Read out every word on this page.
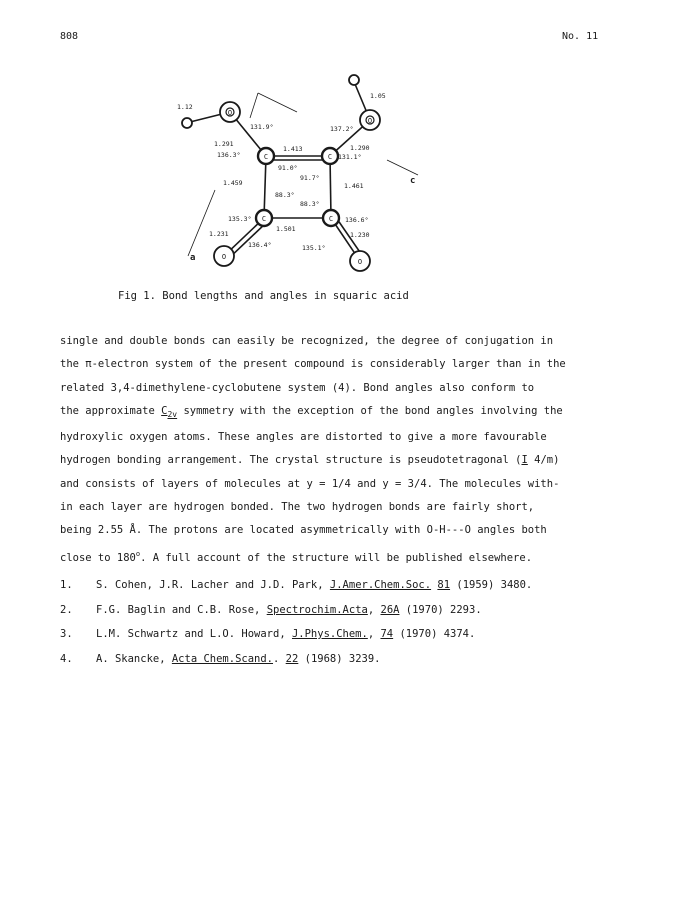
808	No. 11
C	C
C	C
O
O
O
O
1.12
1.05
1.291
1.413	1.290
1.459	1.461
1.501
1.231	1.230
131.9°	137.2°
136.3°	131.1°
91.0°
91.7°
88.3°
88.3°
135.3°	136.6°
136.4°	135.1°
a
c
Fig 1. Bond lengths and angles in squaric acid
single and double bonds can easily be recognized, the degree of conjugation in
the π-electron system of the present compound is considerably larger than in the
related 3,4-dimethylene-cyclobutene system (4). Bond angles also conform to
the approximate $C_{2v}$ symmetry with the exception of the bond angles involving the
hydroxylic oxygen atoms. These angles are distorted to give a more favourable
hydrogen bonding arrangement. The crystal structure is pseudotetragonal (I 4/m)
and consists of layers of molecules at y = 1/4 and y = 3/4. The molecules with-
in each layer are hydrogen bonded. The two hydrogen bonds are fairly short,
being 2.55 Å. The protons are located asymmetrically with O-H---O angles both
close to 180$^o$. A full account of the structure will be published elsewhere.
1. S. Cohen, J.R. Lacher and J.D. Park, J.Amer.Chem.Soc. 81 (1959) 3480.
2. F.G. Baglin and C.B. Rose, Spectrochim.Acta, 26A (1970) 2293.
3. L.M. Schwartz and L.O. Howard, J.Phys.Chem., 74 (1970) 4374.
4. A. Skancke, Acta Chem.Scand.. 22 (1968) 3239.
